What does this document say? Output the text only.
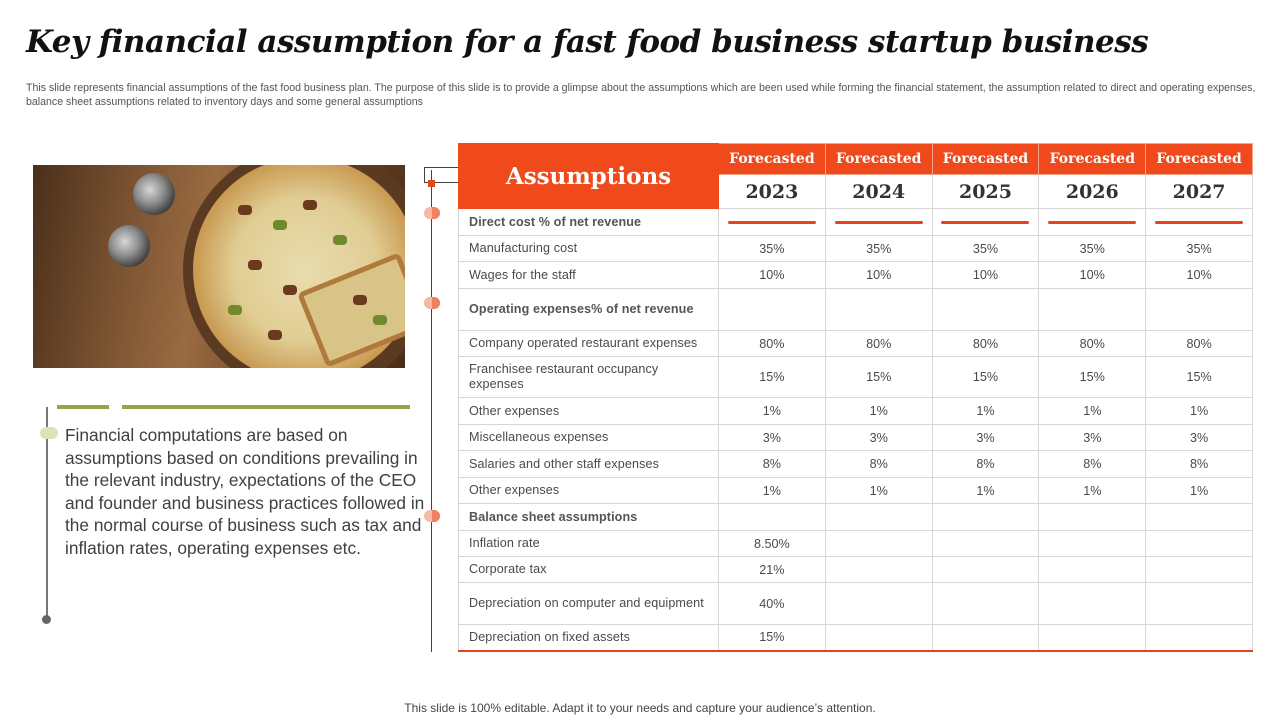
Key financial assumption for a fast food business startup business
This slide represents financial assumptions of the fast food business plan. The purpose of this slide is to provide a glimpse about the assumptions which are been used while forming the financial statement, the assumption related to direct and operating expenses, balance sheet assumptions related to inventory days and some general assumptions
Financial computations are based on assumptions based on conditions prevailing in the relevant industry, expectations of the CEO and founder and business practices followed in the normal course of business such as tax and inflation rates, operating expenses etc.
Assumptions	Forecasted	Forecasted	Forecasted	Forecasted	Forecasted
	2023	2024	2025	2026	2027
Direct cost % of net revenue	

Manufacturing cost	35%	35%	35%	35%	35%
Wages for the staff	10%	10%	10%	10%	10%
Operating expenses% of net revenue					
Company operated restaurant expenses	80%	80%	80%	80%	80%
Franchisee restaurant occupancy expenses	15%	15%	15%	15%	15%
Other expenses	1%	1%	1%	1%	1%
Miscellaneous expenses	3%	3%	3%	3%	3%
Salaries and other staff expenses	8%	8%	8%	8%	8%
Other expenses	1%	1%	1%	1%	1%
Balance sheet assumptions					
Inflation rate	8.50%				
Corporate tax	21%				
Depreciation on computer and equipment	40%				
Depreciation on fixed assets	15%				
This slide is 100% editable. Adapt it to your needs and capture your audience’s attention.
